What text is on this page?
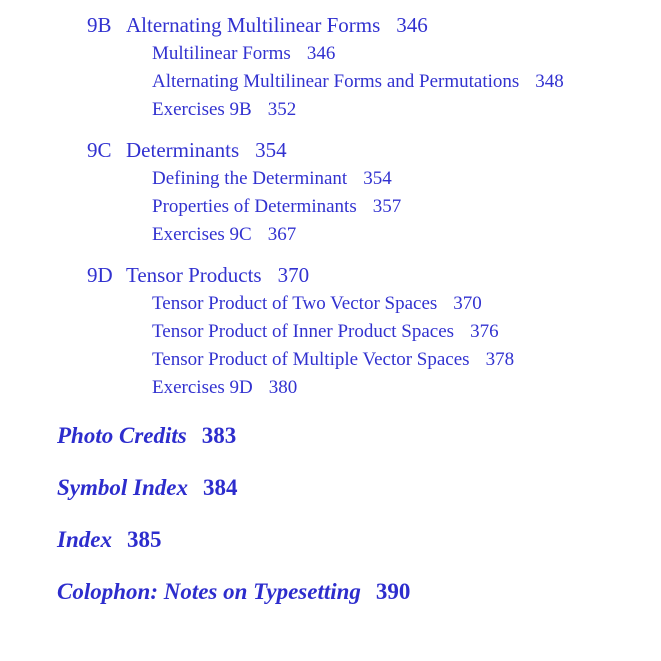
9B Alternating Multilinear Forms 346
Multilinear Forms 346
Alternating Multilinear Forms and Permutations 348
Exercises 9B 352
9C Determinants 354
Defining the Determinant 354
Properties of Determinants 357
Exercises 9C 367
9D Tensor Products 370
Tensor Product of Two Vector Spaces 370
Tensor Product of Inner Product Spaces 376
Tensor Product of Multiple Vector Spaces 378
Exercises 9D 380
Photo Credits 383
Symbol Index 384
Index 385
Colophon: Notes on Typesetting 390
